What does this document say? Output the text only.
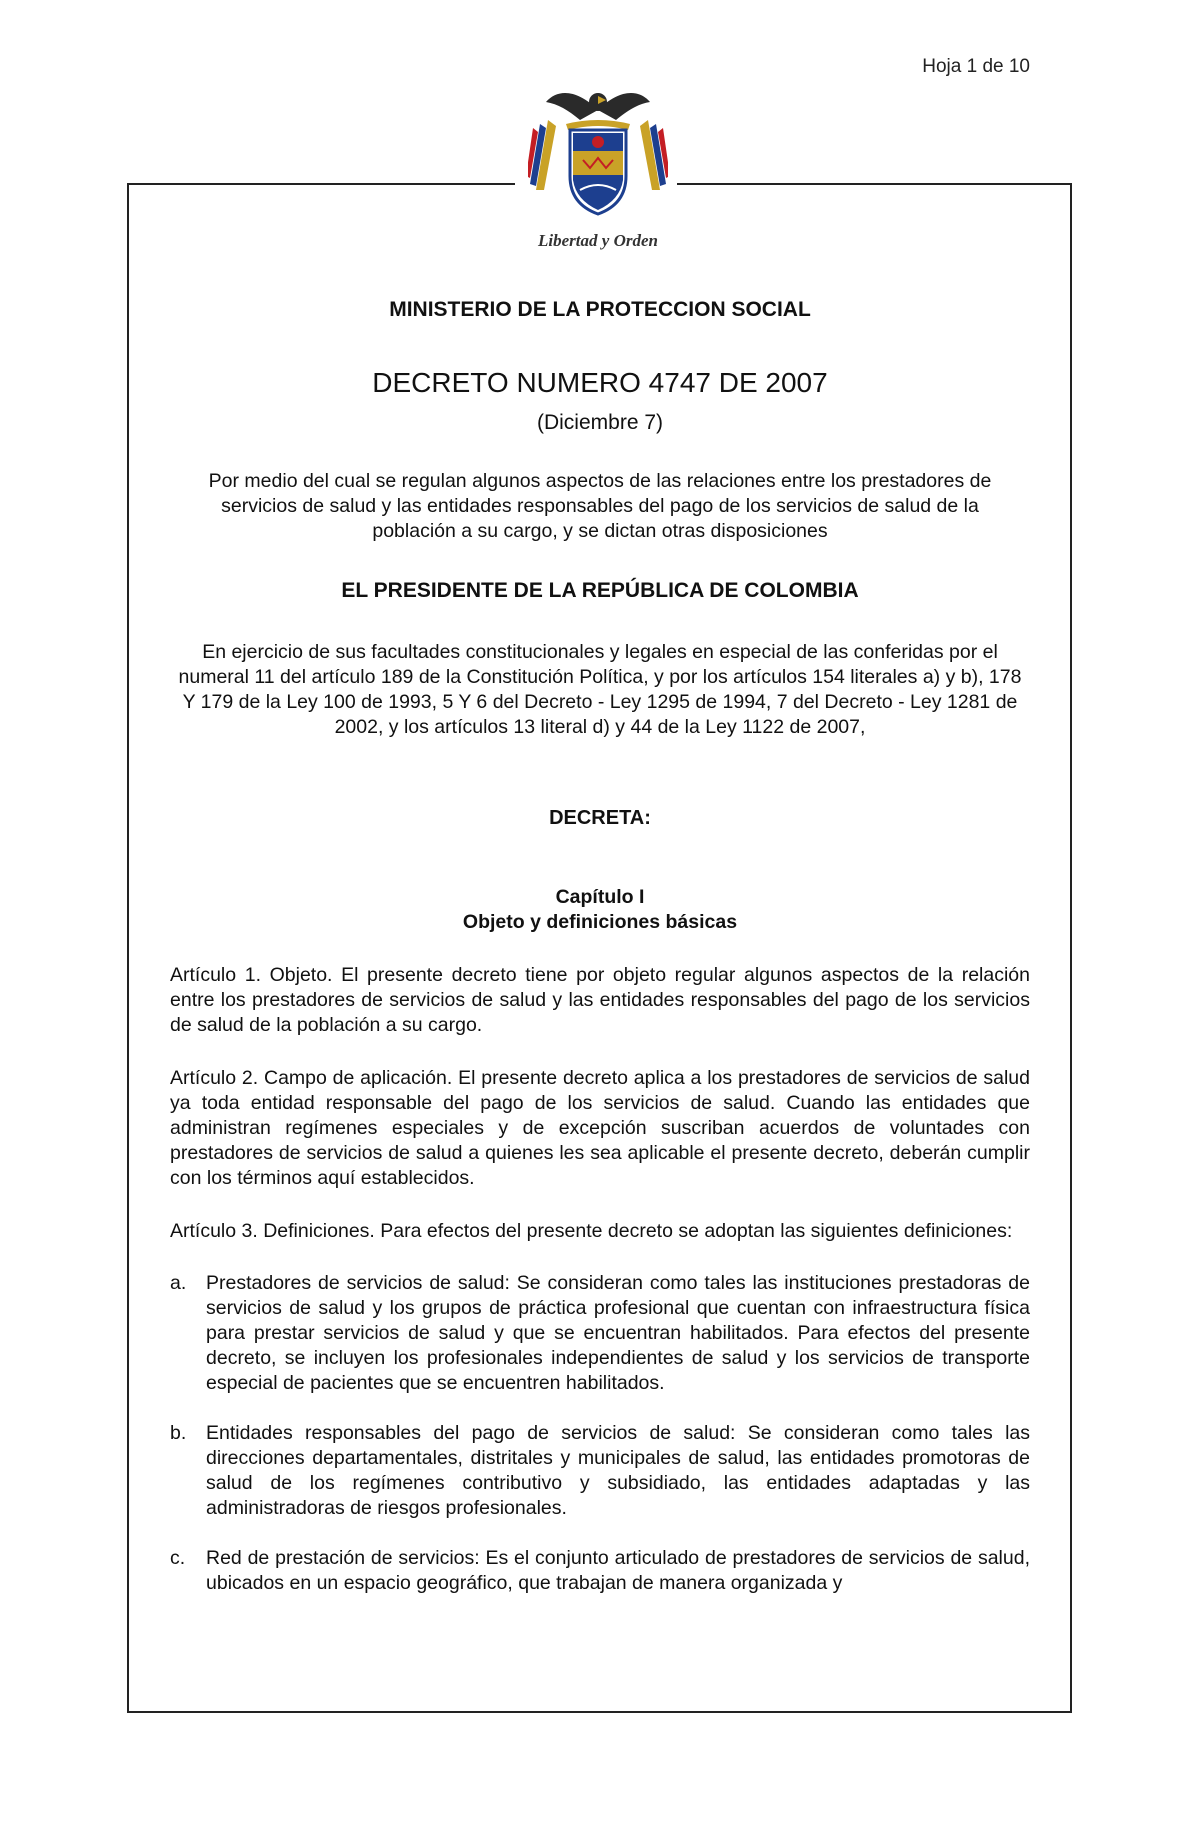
Hoja 1 de 10
Libertad y Orden
MINISTERIO DE LA PROTECCION SOCIAL
DECRETO NUMERO 4747 DE 2007
(Diciembre 7)
Por medio del cual se regulan algunos aspectos de las relaciones entre los prestadores de servicios de salud y las entidades responsables del pago de los servicios de salud de la población a su cargo, y se dictan otras disposiciones
EL PRESIDENTE DE LA REPÚBLICA DE COLOMBIA
En ejercicio de sus facultades constitucionales y legales en especial de las conferidas por el numeral 11 del artículo 189 de la Constitución Política, y por los artículos 154 literales a) y b), 178 Y 179 de la Ley 100 de 1993, 5 Y 6 del Decreto - Ley 1295 de 1994, 7 del Decreto - Ley 1281 de 2002, y los artículos 13 literal d) y 44 de la Ley 1122 de 2007,
DECRETA:
Capítulo I
Objeto y definiciones básicas

Artículo 1. Objeto. El presente decreto tiene por objeto regular algunos aspectos de la relación entre los prestadores de servicios de salud y las entidades responsables del pago de los servicios de salud de la población a su cargo.

Artículo 2. Campo de aplicación. El presente decreto aplica a los prestadores de servicios de salud ya toda entidad responsable del pago de los servicios de salud. Cuando las entidades que administran regímenes especiales y de excepción suscriban acuerdos de voluntades con prestadores de servicios de salud a quienes les sea aplicable el presente decreto, deberán cumplir con los términos aquí establecidos.

Artículo 3. Definiciones. Para efectos del presente decreto se adoptan las siguientes definiciones:

a.	Prestadores de servicios de salud: Se consideran como tales las instituciones prestadoras de servicios de salud y los grupos de práctica profesional que cuentan con infraestructura física para prestar servicios de salud y que se encuentran habilitados. Para efectos del presente decreto, se incluyen los profesionales independientes de salud y los servicios de transporte especial de pacientes que se encuentren habilitados.
b.	Entidades responsables del pago de servicios de salud: Se consideran como tales las direcciones departamentales, distritales y municipales de salud, las entidades promotoras de salud de los regímenes contributivo y subsidiado, las entidades adaptadas y las administradoras de riesgos profesionales.
c.	Red de prestación de servicios: Es el conjunto articulado de prestadores de servicios de salud, ubicados en un espacio geográfico, que trabajan de manera organizada y
